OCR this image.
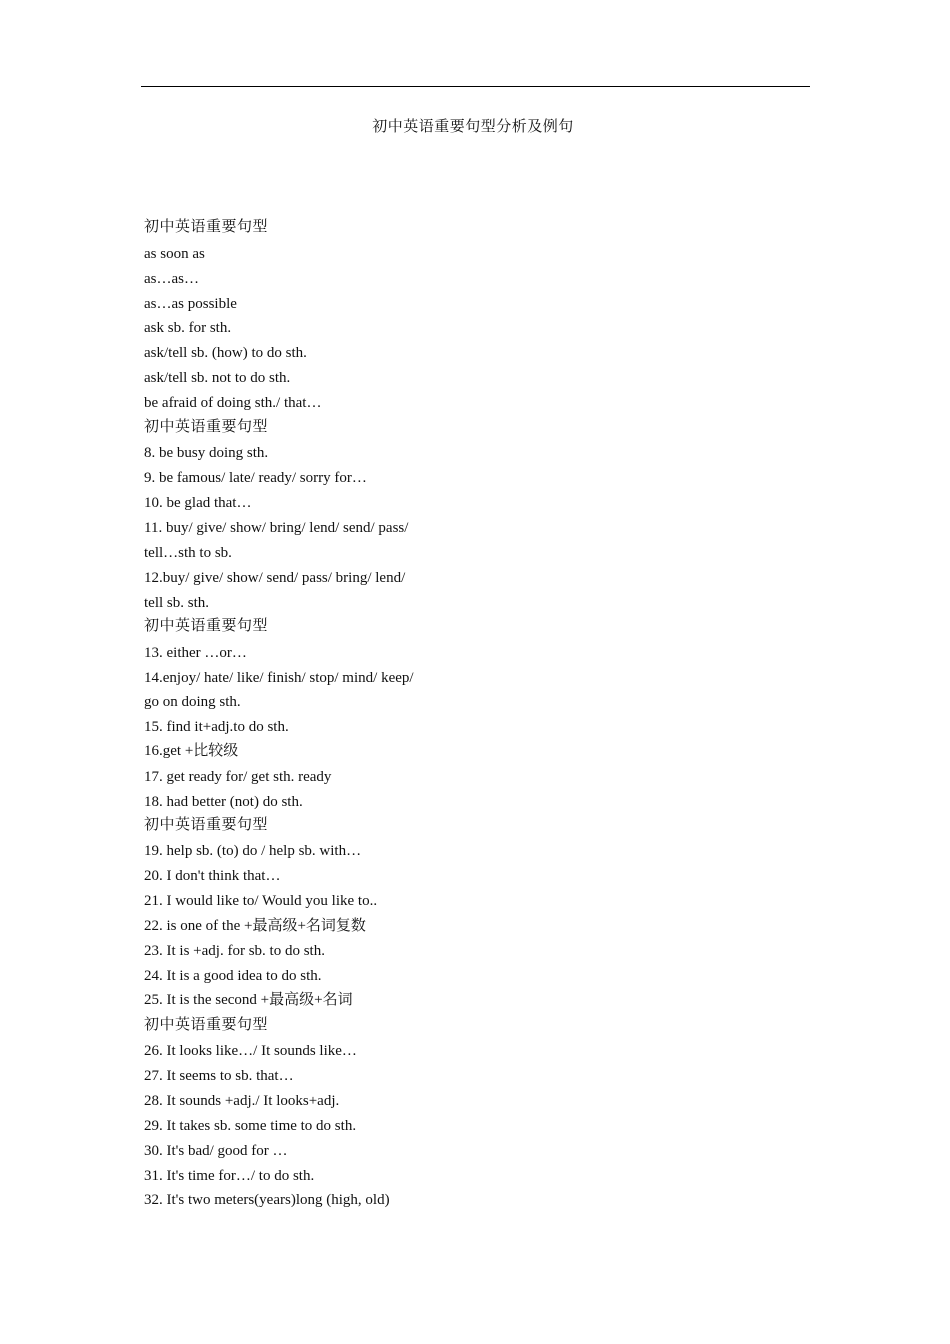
初中英语重要句型分析及例句
初中英语重要句型
as soon as
as…as…
as…as possible
ask sb. for sth.
ask/tell sb. (how) to do sth.
ask/tell sb. not to do sth.
be afraid of doing sth./ that…
初中英语重要句型
8. be busy doing sth.
9. be famous/ late/ ready/ sorry for…
10. be glad that…
11. buy/ give/ show/ bring/ lend/ send/ pass/
tell…sth to sb.
12.buy/ give/ show/ send/ pass/ bring/ lend/
tell sb. sth.
初中英语重要句型
13. either …or…
14.enjoy/ hate/ like/ finish/ stop/ mind/ keep/
go on doing sth.
15. find it+adj.to do sth.
16.get +比较级
17. get ready for/ get sth. ready
18. had better (not) do sth.
初中英语重要句型
19. help sb. (to) do / help sb. with…
20. I don't think that…
21. I would like to/ Would you like to..
22. is one of the +最高级+名词复数
23. It is +adj. for sb. to do sth.
24. It is a good idea to do sth.
25. It is the second +最高级+名词
初中英语重要句型
26. It looks like…/ It sounds like…
27. It seems to sb. that…
28. It sounds +adj./ It looks+adj.
29. It takes sb. some time to do sth.
30. It's bad/ good for …
31. It's time for…/ to do sth.
32. It's two meters(years)long (high, old)
